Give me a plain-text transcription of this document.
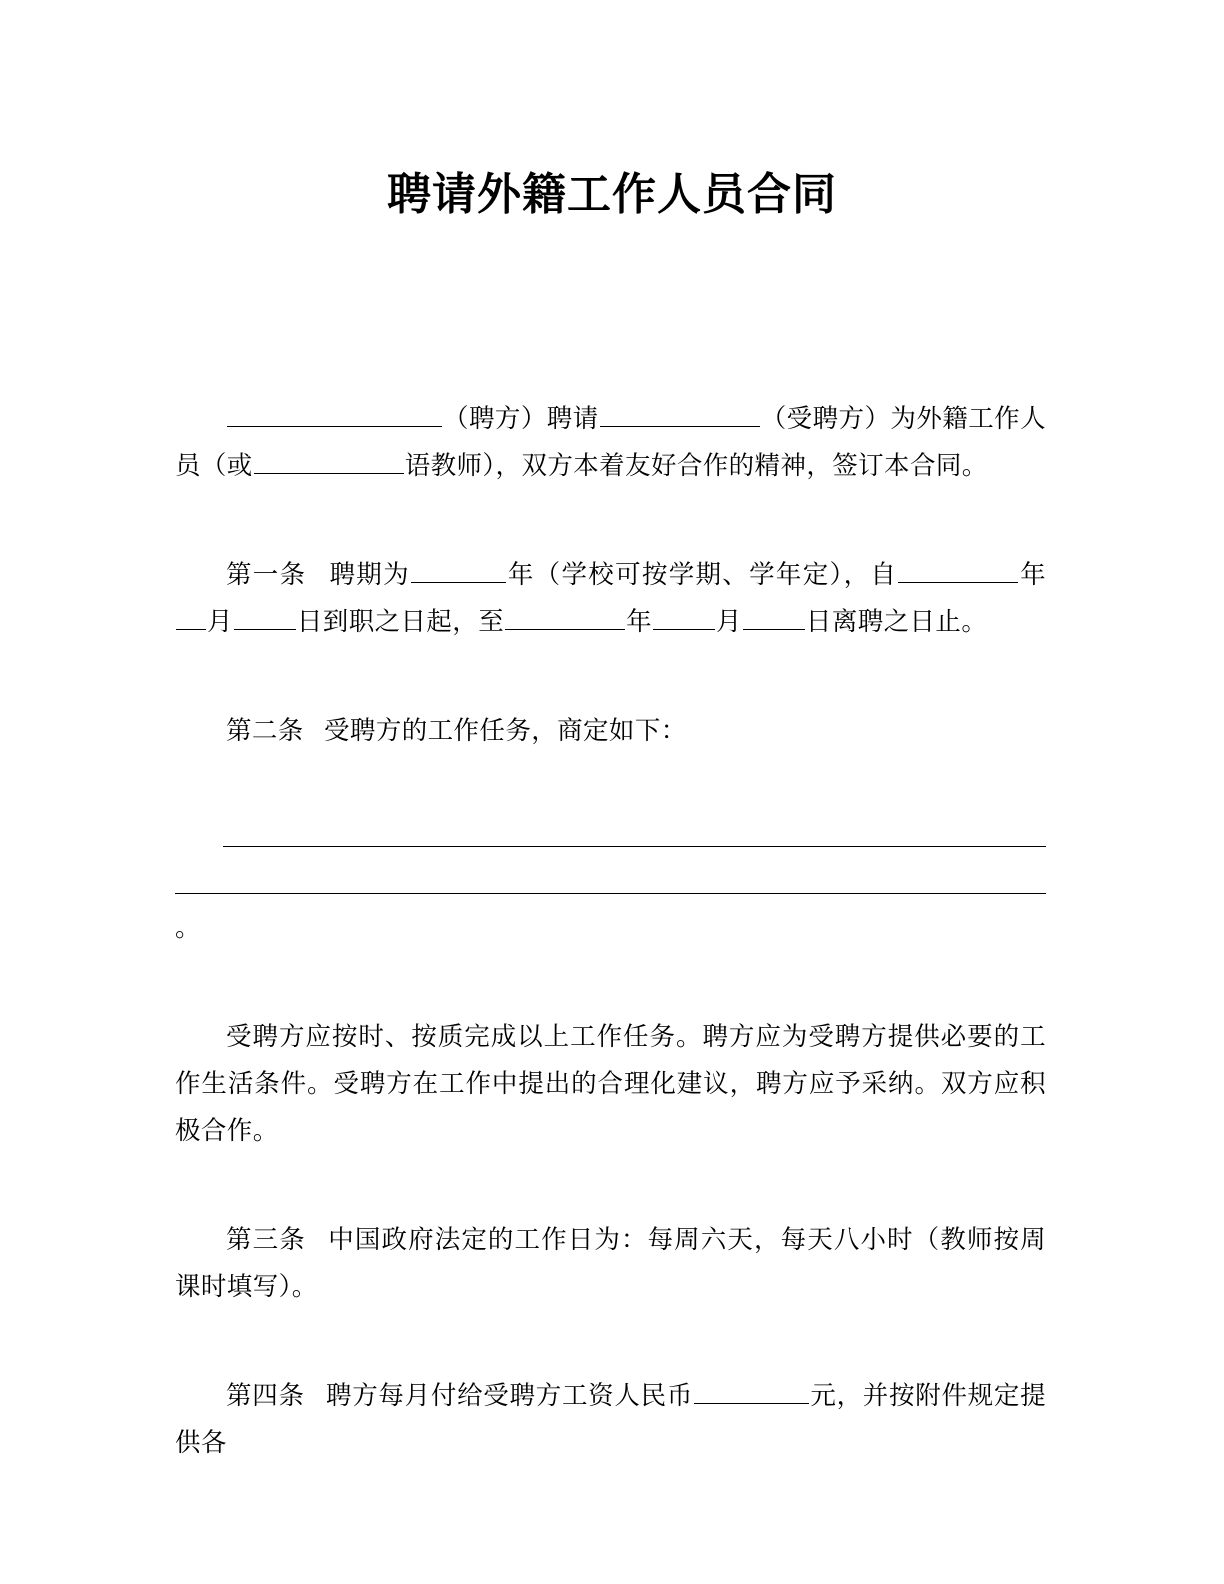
聘请外籍工作人员合同

（聘方）聘请	（受聘方）为外籍工作人员（或	语教师），双方本着友好合作的精神，签订本合同。

第一条 聘期为	年（学校可按学期、学年定），自	年月	日到职之日起，至	年	月	日离聘之日止。

第二条 受聘方的工作任务，商定如下：

。

受聘方应按时、按质完成以上工作任务。聘方应为受聘方提供必要的工作生活条件。受聘方在工作中提出的合理化建议，聘方应予采纳。双方应积极合作。

第三条 中国政府法定的工作日为：每周六天，每天八小时（教师按周课时填写）。

第四条 聘方每月付给受聘方工资人民币	元，并按附件规定提供各
